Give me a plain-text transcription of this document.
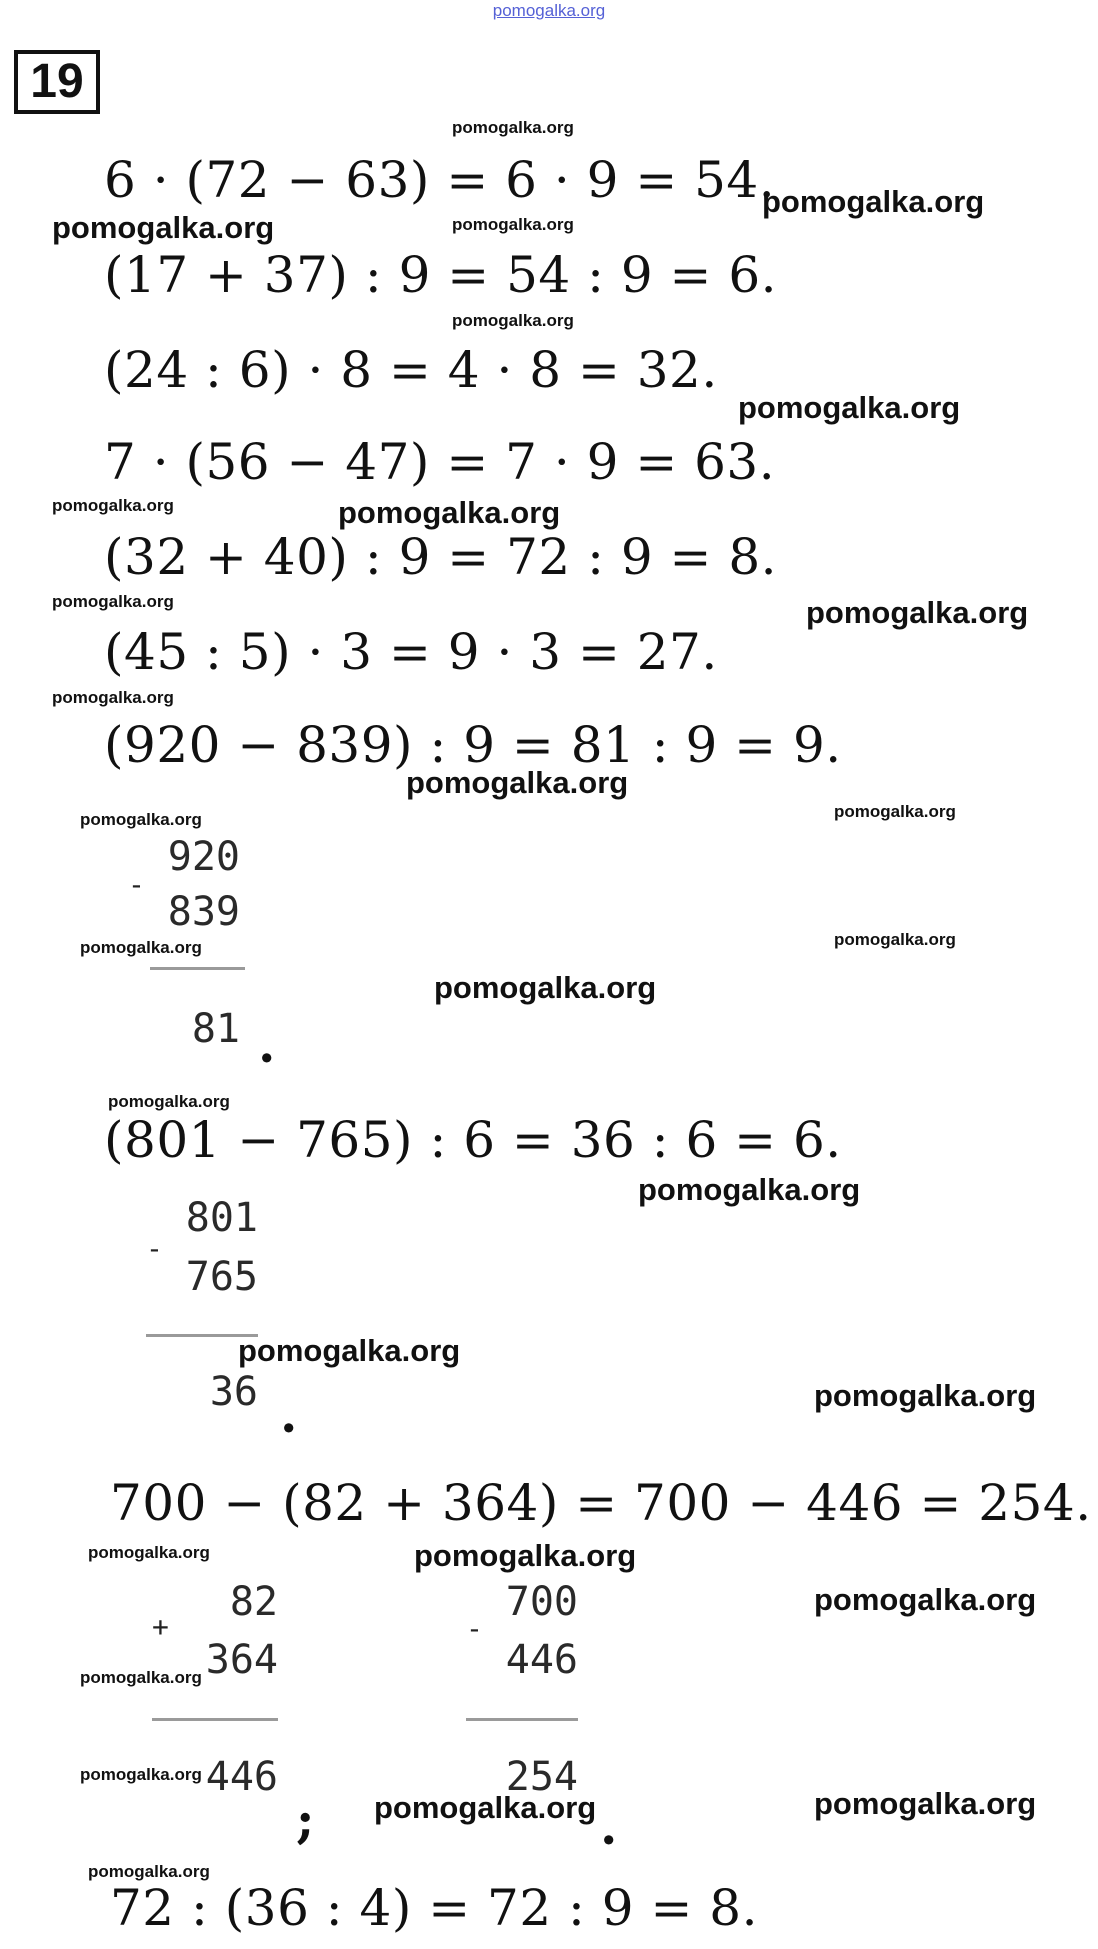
pomogalka.org
19
6 · (72 − 63) = 6 · 9 = 54.
(17 + 37) : 9 = 54 : 9 = 6.
(24 : 6) · 8 = 4 · 8 = 32.
7 · (56 − 47) = 7 · 9 = 63.
(32 + 40) : 9 = 72 : 9 = 8.
(45 : 5) · 3 = 9 · 3 = 27.
(920 − 839) : 9 = 81 : 9 = 9.
-
920
839
81 .
(801 − 765) : 6 = 36 : 6 = 6.
-
801
765
36 .
700 − (82 + 364) = 700 − 446 = 254.
+
82
364
446
;
-
700
446
254
.
72 : (36 : 4) = 72 : 9 = 8.
pomogalka.org
pomogalka.org
pomogalka.org
pomogalka.org
pomogalka.org
pomogalka.org
pomogalka.org	pomogalka.org
pomogalka.org	pomogalka.org
pomogalka.org
pomogalka.org
pomogalka.org
pomogalka.org
pomogalka.org
pomogalka.org
pomogalka.org
pomogalka.org
pomogalka.org
pomogalka.org
pomogalka.org
pomogalka.org
pomogalka.org
pomogalka.org
pomogalka.org
pomogalka.org
pomogalka.org
pomogalka.org	pomogalka.org
